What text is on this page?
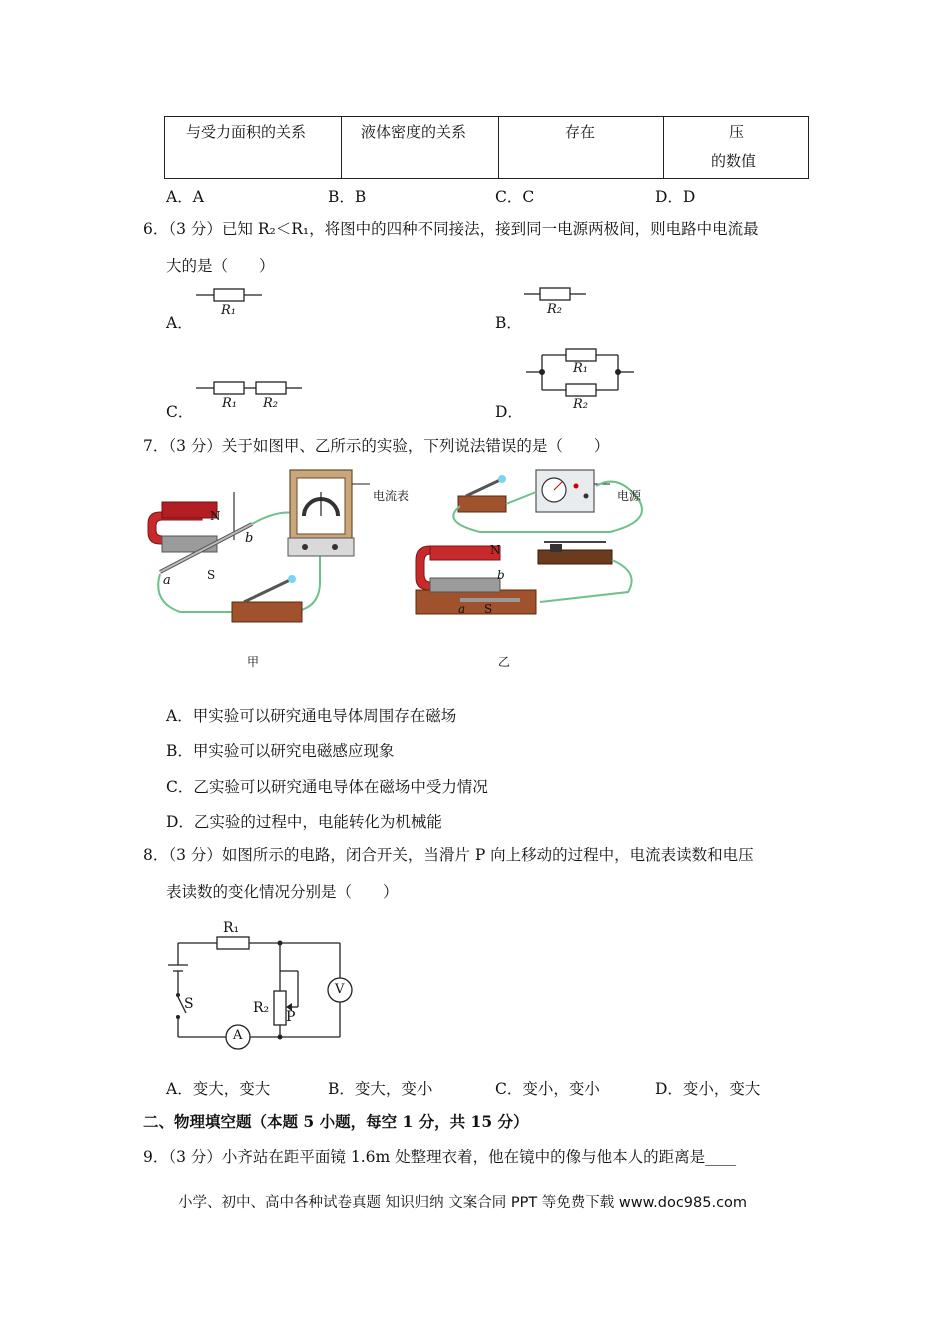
与受力面积的关系	液体密度的关系	存在	压
的数值
A．A	B．B	C．C	D．D
6．（3 分）已知 R₂＜R₁，将图中的四种不同接法，接到同一电源两极间，则电路中电流最
大的是（　　）
A．	B．
C．	D．
R₁	R₂
R₁ R₂
R₁
R₂
7．（3 分）关于如图甲、乙所示的实验，下列说法错误的是（　　）
电流表	电源
N
S
a
b
N
b
a S
甲	乙
A．甲实验可以研究通电导体周围存在磁场
B．甲实验可以研究电磁感应现象
C．乙实验可以研究通电导体在磁场中受力情况
D．乙实验的过程中，电能转化为机械能
8．（3 分）如图所示的电路，闭合开关，当滑片 P 向上移动的过程中，电流表读数和电压
表读数的变化情况分别是（　　）
R₁
R₂
P
S
A
V
A．变大，变大	B．变大，变小	C．变小，变小	D．变小，变大
二、物理填空题（本题 5 小题，每空 1 分，共 15 分）
9．（3 分）小齐站在距平面镜 1.6m 处整理衣着，他在镜中的像与他本人的距离是____
小学、初中、高中各种试卷真题 知识归纳 文案合同 PPT 等免费下载 www.doc985.com
